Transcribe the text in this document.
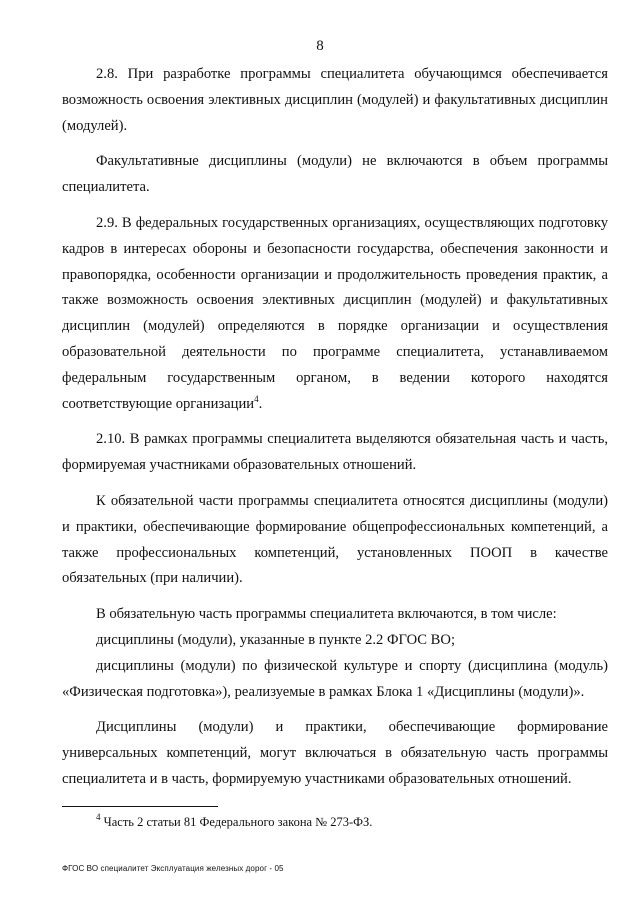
8

2.8. При разработке программы специалитета обучающимся обеспечивается возможность освоения элективных дисциплин (модулей) и факультативных дисциплин (модулей).

Факультативные дисциплины (модули) не включаются в объем программы специалитета.

2.9. В федеральных государственных организациях, осуществляющих подготовку кадров в интересах обороны и безопасности государства, обеспечения законности и правопорядка, особенности организации и продолжительность проведения практик, а также возможность освоения элективных дисциплин (модулей) и факультативных дисциплин (модулей) определяются в порядке организации и осуществления образовательной деятельности по программе специалитета, устанавливаемом федеральным государственным органом, в ведении которого находятся соответствующие организации$^4$.

2.10. В рамках программы специалитета выделяются обязательная часть и часть, формируемая участниками образовательных отношений.

К обязательной части программы специалитета относятся дисциплины (модули) и практики, обеспечивающие формирование общепрофессиональных компетенций, а также профессиональных компетенций, установленных ПООП в качестве обязательных (при наличии).

В обязательную часть программы специалитета включаются, в том числе:

дисциплины (модули), указанные в пункте 2.2 ФГОС ВО;

дисциплины (модули) по физической культуре и спорту (дисциплина (модуль) «Физическая подготовка»), реализуемые в рамках Блока 1 «Дисциплины (модули)».

Дисциплины (модули) и практики, обеспечивающие формирование универсальных компетенций, могут включаться в обязательную часть программы специалитета и в часть, формируемую участниками образовательных отношений.

$^4$ Часть 2 статьи 81 Федерального закона № 273-ФЗ.
ФГОС ВО специалитет Эксплуатация железных дорог - 05
